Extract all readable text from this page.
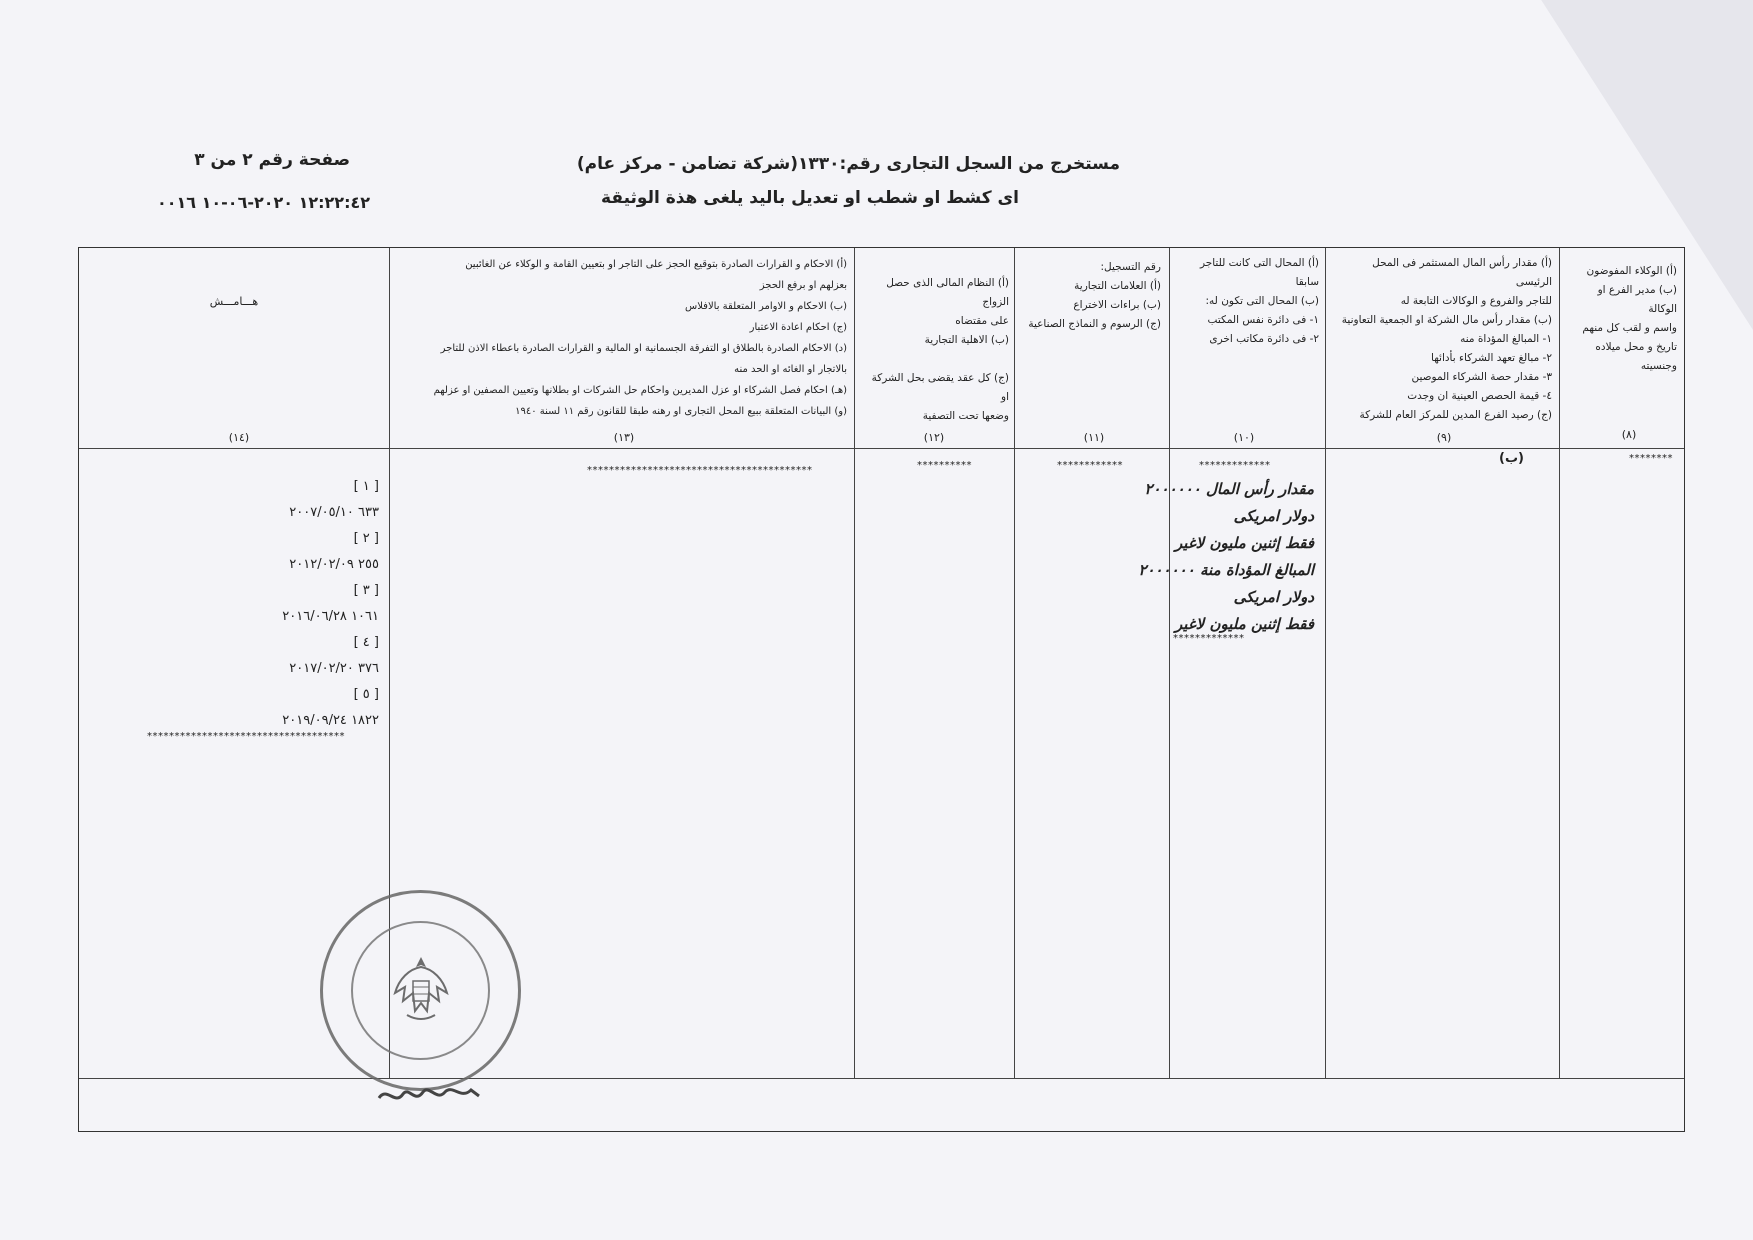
مستخرج من السجل التجارى رقم:١٣٣٠(شركة تضامن - مركز عام)
اى كشط او شطب او تعديل باليد يلغى هذة الوثيقة
صفحة رقم ٢ من ٣
١٢:٢٢:٤٢ ٢٠٢٠-٠٦-١٠ ٠٠١٦
(أ) الوكلاء المفوضون
(ب) مدير الفرع او الوكالة
واسم و لقب كل منهم
تاريخ و محل ميلاده وجنسيته
(أ) مقدار رأس المال المستثمر فى المحل الرئيسى
للتاجر والفروع و الوكالات التابعة له
(ب) مقدار رأس مال الشركة او الجمعية التعاونية
١- المبالغ المؤداة منه
٢- مبالغ تعهد الشركاء بأدائها
٣- مقدار حصة الشركاء الموصين
٤- قيمة الحصص العينية ان وجدت
(ج) رصيد الفرع المدين للمركز العام للشركة
(أ) المحال التى كانت للتاجر سابقا
(ب) المحال التى تكون له:
١- فى دائرة نفس المكتب
٢- فى دائرة مكاتب اخرى
رقم التسجيل:
(أ) العلامات التجارية
(ب) براءات الاختراع
(ج) الرسوم و النماذج الصناعية
(أ) النظام المالى الذى حصل الزواج
على مقتضاه
(ب) الاهلية التجارية

(ج) كل عقد يقضى بحل الشركة او
وضعها تحت التصفية
(أ) الاحكام و القرارات الصادرة بتوقيع الحجز على التاجر او بتعيين القامة و الوكلاء عن الغائبين
بعزلهم او برفع الحجز
(ب) الاحكام و الاوامر المتعلقة بالافلاس
(ج) احكام اعادة الاعتبار
(د) الاحكام الصادرة بالطلاق او التفرقة الجسمانية او المالية و القرارات الصادرة باعطاء الاذن للتاجر
بالاتجار او الغائه او الحد منه
(هـ) احكام فصل الشركاء او عزل المديرين واحكام حل الشركات او بطلانها وتعيين المصفين او عزلهم
(و) البيانات المتعلقة ببيع المحل التجارى او رهنه طبقا للقانون رقم ١١ لسنة ١٩٤٠
هـــامـــش
(٨)
(٩)
(١٠)
(١١)
(١٢)
(١٣)
(١٤)
********
(ب)
*************
************
**********
*****************************************
مقدار رأس المال ٢٠٠٠٠٠٠
دولار امريكى
فقط إثنين مليون لاغير
المبالغ المؤداة منة ٢٠٠٠٠٠٠
دولار امريكى
فقط إثنين مليون لاغير
*************
[ ١ ]
٦٣٣ ٢٠٠٧/٠٥/١٠
[ ٢ ]
٢٥٥ ٢٠١٢/٠٢/٠٩
[ ٣ ]
١٠٦١ ٢٠١٦/٠٦/٢٨
[ ٤ ]
٣٧٦ ٢٠١٧/٠٢/٢٠
[ ٥ ]
١٨٢٢ ٢٠١٩/٠٩/٢٤
************************************
